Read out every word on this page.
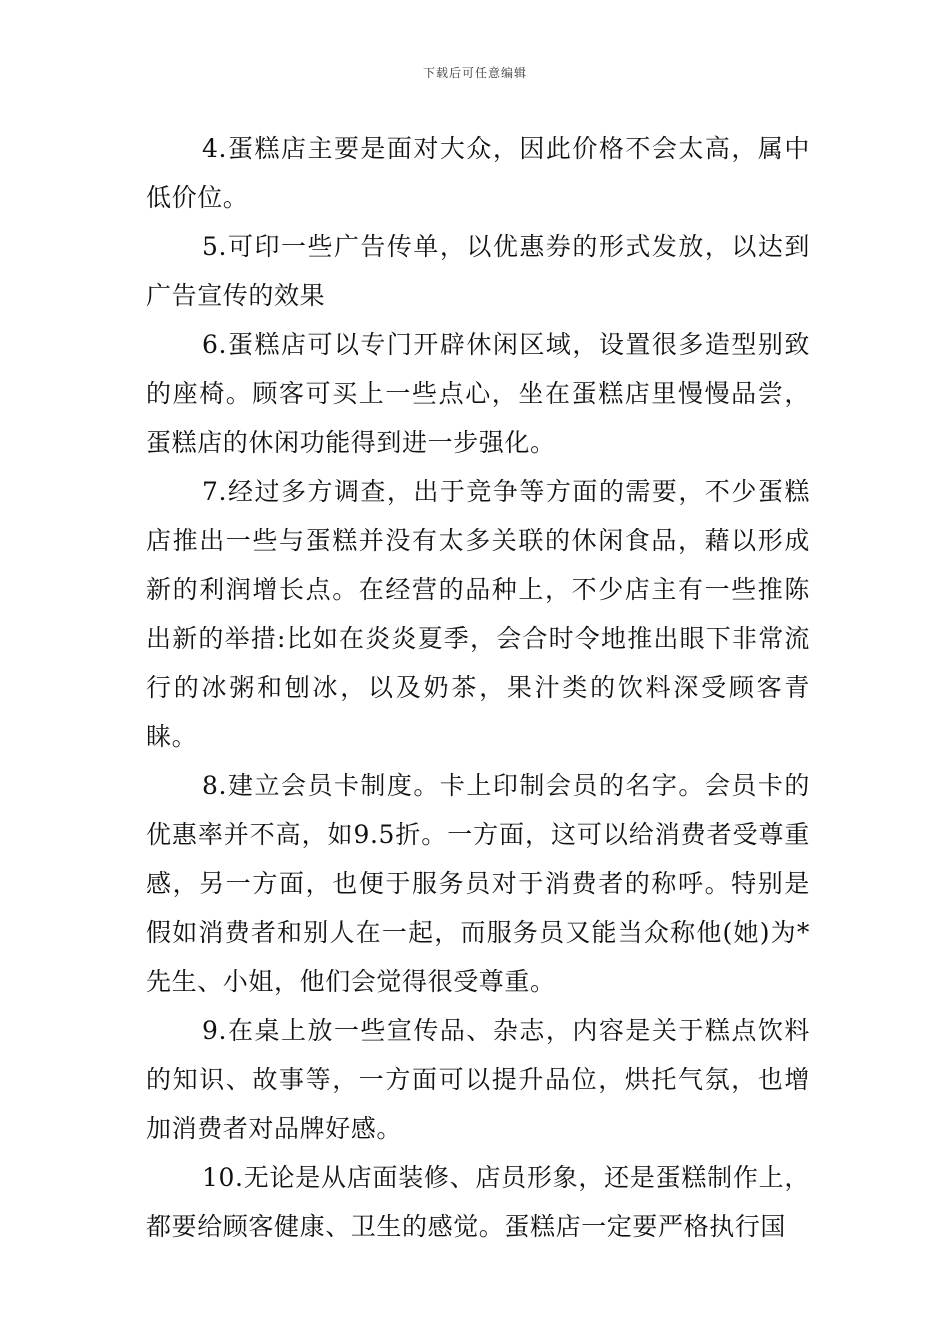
下载后可任意编辑

4.蛋糕店主要是面对大众，因此价格不会太高，属中低价位。

5.可印一些广告传单，以优惠券的形式发放，以达到广告宣传的效果

6.蛋糕店可以专门开辟休闲区域，设置很多造型别致的座椅。顾客可买上一些点心，坐在蛋糕店里慢慢品尝，蛋糕店的休闲功能得到进一步强化。

7.经过多方调查，出于竞争等方面的需要，不少蛋糕店推出一些与蛋糕并没有太多关联的休闲食品，藉以形成新的利润增长点。在经营的品种上，不少店主有一些推陈出新的举措:比如在炎炎夏季，会合时令地推出眼下非常流行的冰粥和刨冰，以及奶茶，果汁类的饮料深受顾客青睐。

8.建立会员卡制度。卡上印制会员的名字。会员卡的优惠率并不高，如9.5折。一方面，这可以给消费者受尊重感，另一方面，也便于服务员对于消费者的称呼。特别是假如消费者和别人在一起，而服务员又能当众称他(她)为*先生、小姐，他们会觉得很受尊重。

9.在桌上放一些宣传品、杂志，内容是关于糕点饮料的知识、故事等，一方面可以提升品位，烘托气氛，也增加消费者对品牌好感。

10.无论是从店面装修、店员形象，还是蛋糕制作上，都要给顾客健康、卫生的感觉。蛋糕店一定要严格执行国
